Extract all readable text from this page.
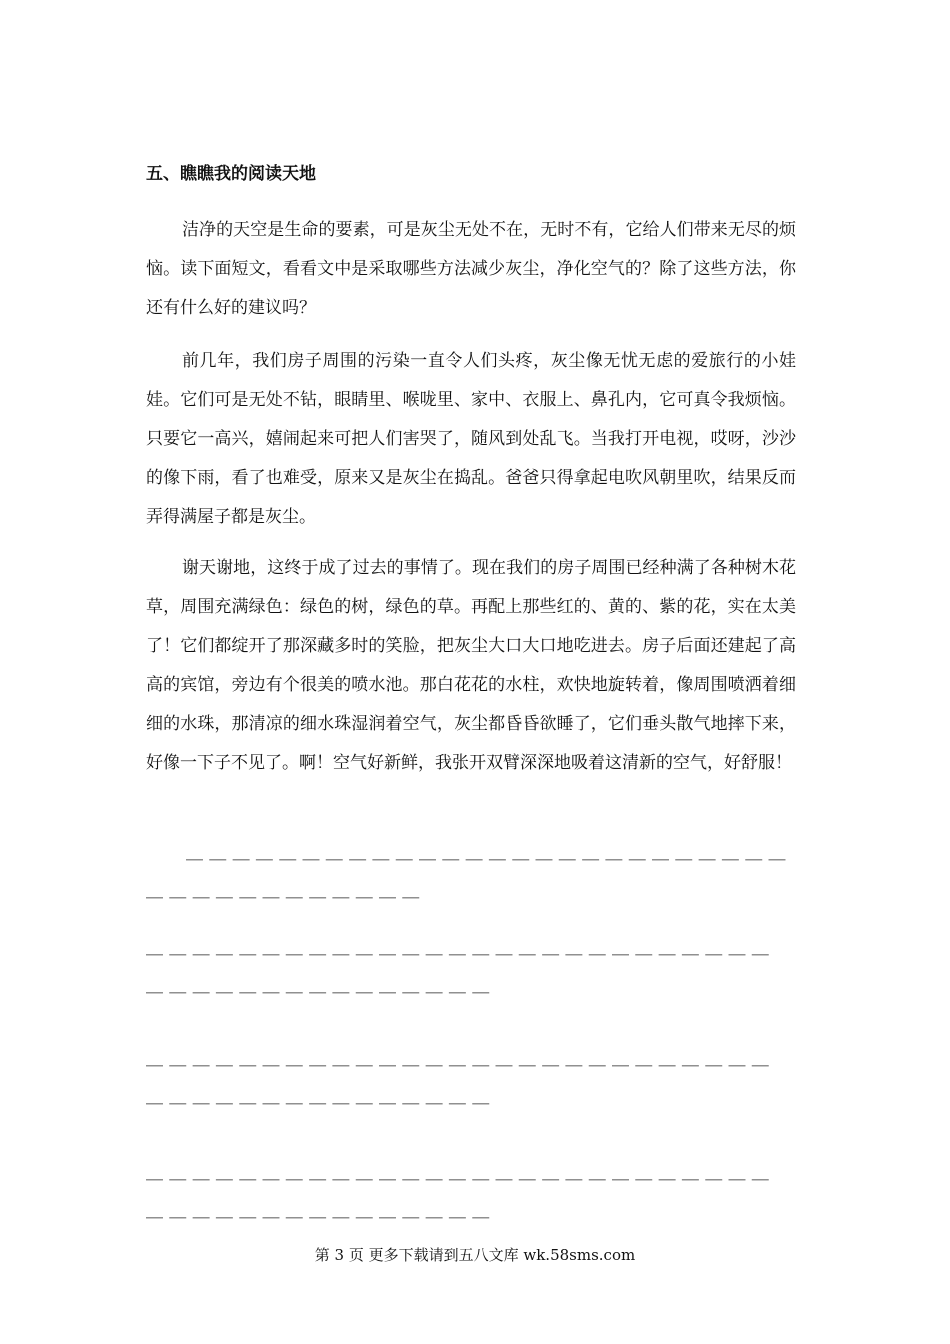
五、瞧瞧我的阅读天地

洁净的天空是生命的要素，可是灰尘无处不在，无时不有，它给人们带来无尽的烦恼。读下面短文，看看文中是采取哪些方法减少灰尘，净化空气的？除了这些方法，你还有什么好的建议吗？

前几年，我们房子周围的污染一直令人们头疼，灰尘像无忧无虑的爱旅行的小娃娃。它们可是无处不钻，眼睛里、喉咙里、家中、衣服上、鼻孔内，它可真令我烦恼。只要它一高兴，嬉闹起来可把人们害哭了，随风到处乱飞。当我打开电视，哎呀，沙沙的像下雨，看了也难受，原来又是灰尘在捣乱。爸爸只得拿起电吹风朝里吹，结果反而弄得满屋子都是灰尘。

谢天谢地，这终于成了过去的事情了。现在我们的房子周围已经种满了各种树木花草，周围充满绿色：绿色的树，绿色的草。再配上那些红的、黄的、紫的花，实在太美了！它们都绽开了那深藏多时的笑脸，把灰尘大口大口地吃进去。房子后面还建起了高高的宾馆，旁边有个很美的喷水池。那白花花的水柱，欢快地旋转着，像周围喷洒着细细的水珠，那清凉的细水珠湿润着空气，灰尘都昏昏欲睡了，它们垂头散气地摔下来，好像一下子不见了。啊！空气好新鲜，我张开双臂深深地吸着这清新的空气，好舒服！

＿＿＿＿＿＿＿＿＿＿＿＿＿＿＿＿＿＿＿＿＿＿＿＿＿＿＿＿＿＿＿＿＿＿＿＿＿＿

＿＿＿＿＿＿＿＿＿＿＿＿＿＿＿＿＿＿＿＿＿＿＿＿＿＿＿＿＿＿＿＿＿＿＿＿＿＿＿＿＿＿

＿＿＿＿＿＿＿＿＿＿＿＿＿＿＿＿＿＿＿＿＿＿＿＿＿＿＿＿＿＿＿＿＿＿＿＿＿＿＿＿＿＿

＿＿＿＿＿＿＿＿＿＿＿＿＿＿＿＿＿＿＿＿＿＿＿＿＿＿＿＿＿＿＿＿＿＿＿＿＿＿＿＿＿＿

第 3 页 更多下载请到五八文库 wk.58sms.com
